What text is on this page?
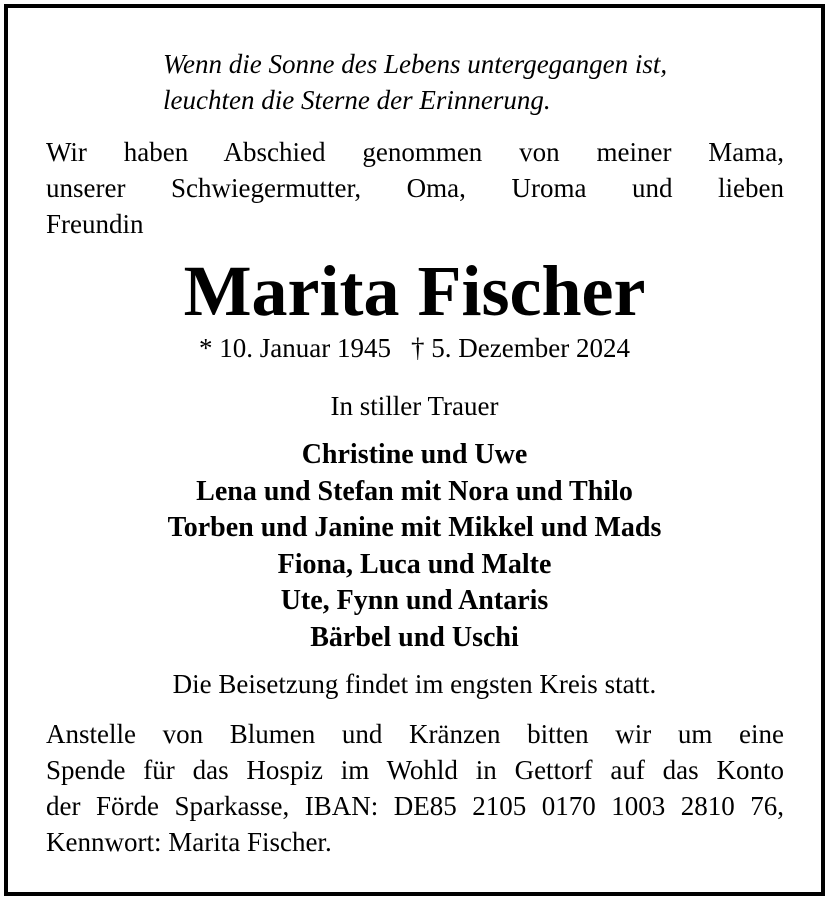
Wenn die Sonne des Lebens untergegangen ist,
leuchten die Sterne der Erinnerung.

Wir haben Abschied genommen von meiner Mama,
unserer Schwiegermutter, Oma, Uroma und lieben
Freundin

Marita Fischer

* 10. Januar 1945 † 5. Dezember 2024

In stiller Trauer

Christine und Uwe
Lena und Stefan mit Nora und Thilo
Torben und Janine mit Mikkel und Mads
Fiona, Luca und Malte
Ute, Fynn und Antaris
Bärbel und Uschi

Die Beisetzung findet im engsten Kreis statt.

Anstelle von Blumen und Kränzen bitten wir um eine
Spende für das Hospiz im Wohld in Gettorf auf das Konto
der Förde Sparkasse, IBAN: DE85 2105 0170 1003 2810 76,
Kennwort: Marita Fischer.
